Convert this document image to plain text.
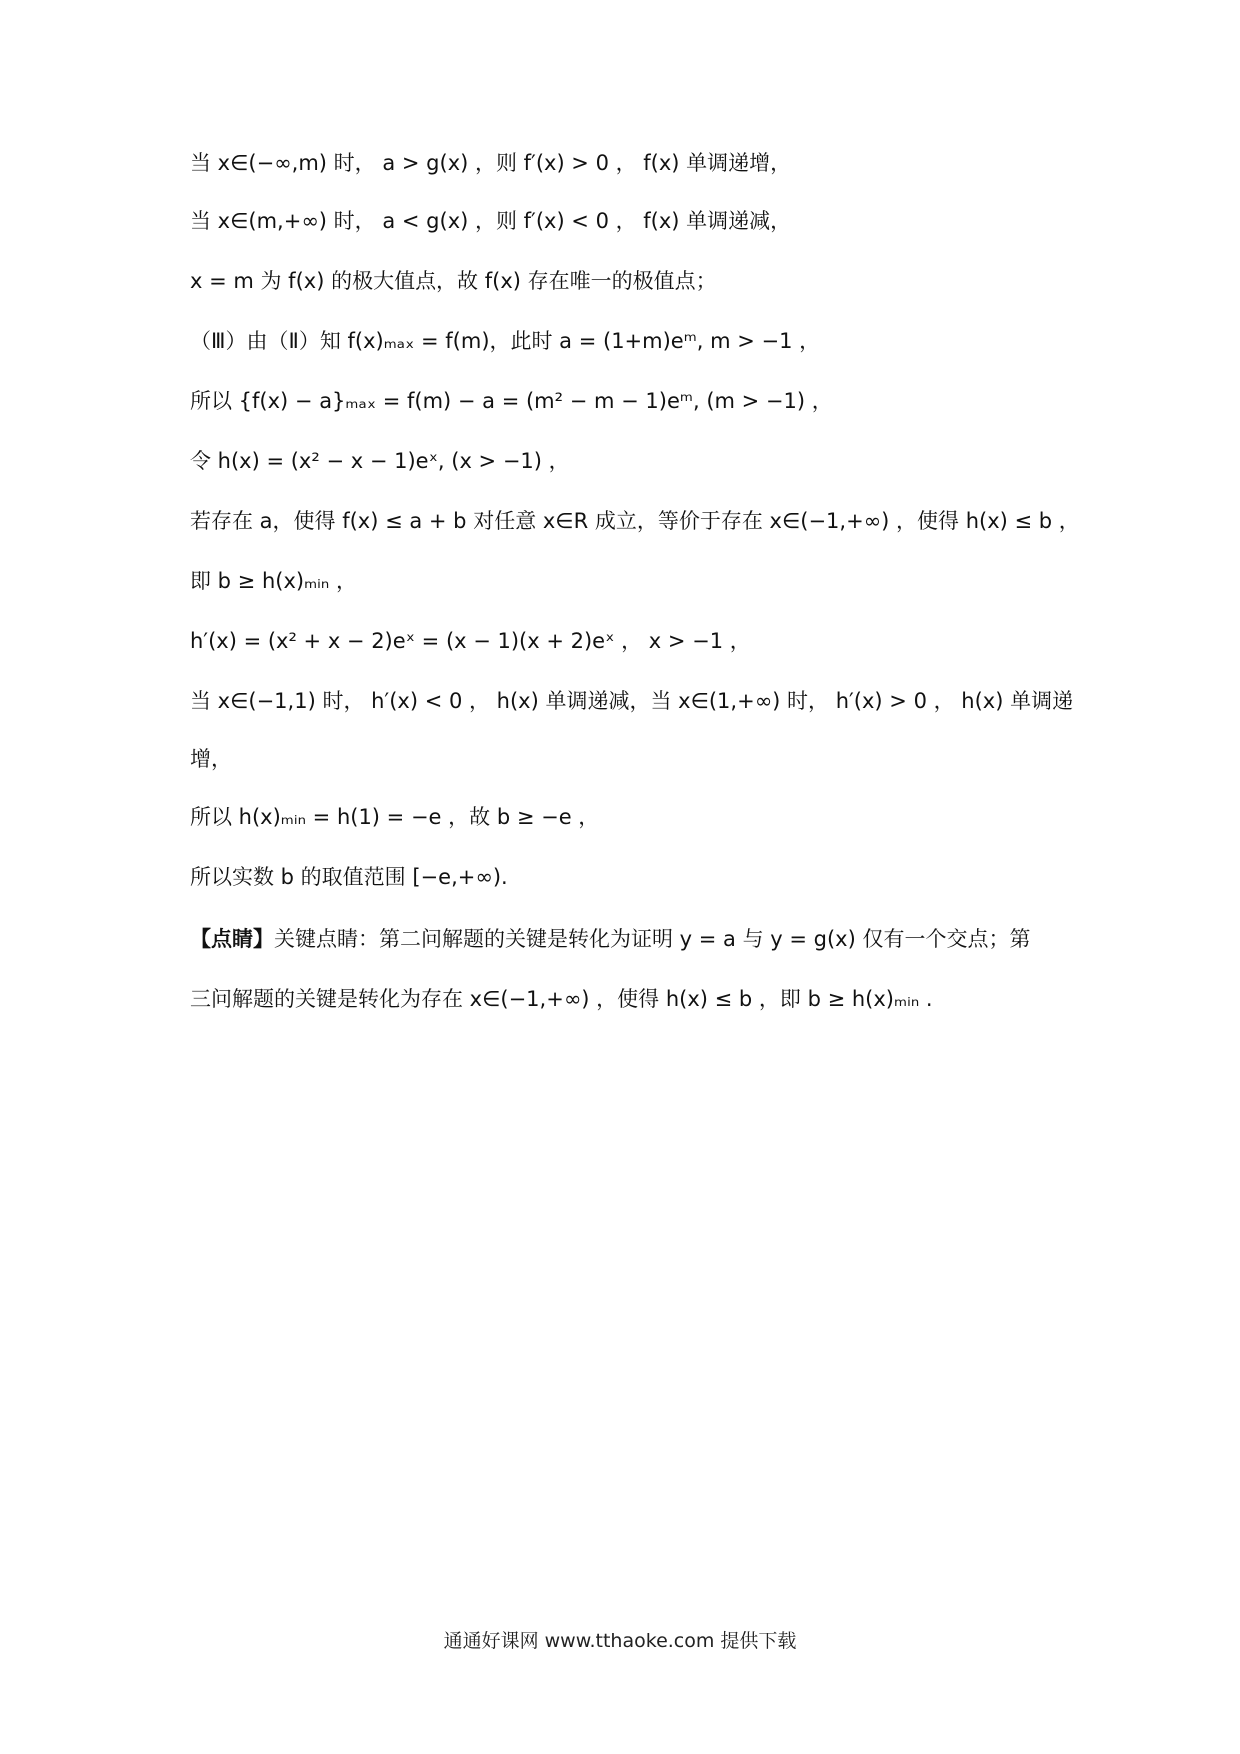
当 x∈(−∞,m) 时， a > g(x) ，则 f′(x) > 0 ， f(x) 单调递增，
当 x∈(m,+∞) 时， a < g(x) ，则 f′(x) < 0 ， f(x) 单调递减，
x = m 为 f(x) 的极大值点，故 f(x) 存在唯一的极值点；
（Ⅲ）由（Ⅱ）知 f(x)ₘₐₓ = f(m)，此时 a = (1+m)eᵐ, m > −1 ，
所以 {f(x) − a}ₘₐₓ = f(m) − a = (m² − m − 1)eᵐ, (m > −1) ，
令 h(x) = (x² − x − 1)eˣ, (x > −1) ，
若存在 a，使得 f(x) ≤ a + b 对任意 x∈R 成立，等价于存在 x∈(−1,+∞) ，使得 h(x) ≤ b ，
即 b ≥ h(x)ₘᵢₙ ，
h′(x) = (x² + x − 2)eˣ = (x − 1)(x + 2)eˣ ， x > −1 ，
当 x∈(−1,1) 时， h′(x) < 0 ， h(x) 单调递减，当 x∈(1,+∞) 时， h′(x) > 0 ， h(x) 单调递
增，
所以 h(x)ₘᵢₙ = h(1) = −e ，故 b ≥ −e ，
所以实数 b 的取值范围 [−e,+∞).
【点睛】关键点睛：第二问解题的关键是转化为证明 y = a 与 y = g(x) 仅有一个交点；第
三问解题的关键是转化为存在 x∈(−1,+∞) ，使得 h(x) ≤ b ，即 b ≥ h(x)ₘᵢₙ .
通通好课网 www.tthaoke.com 提供下载
